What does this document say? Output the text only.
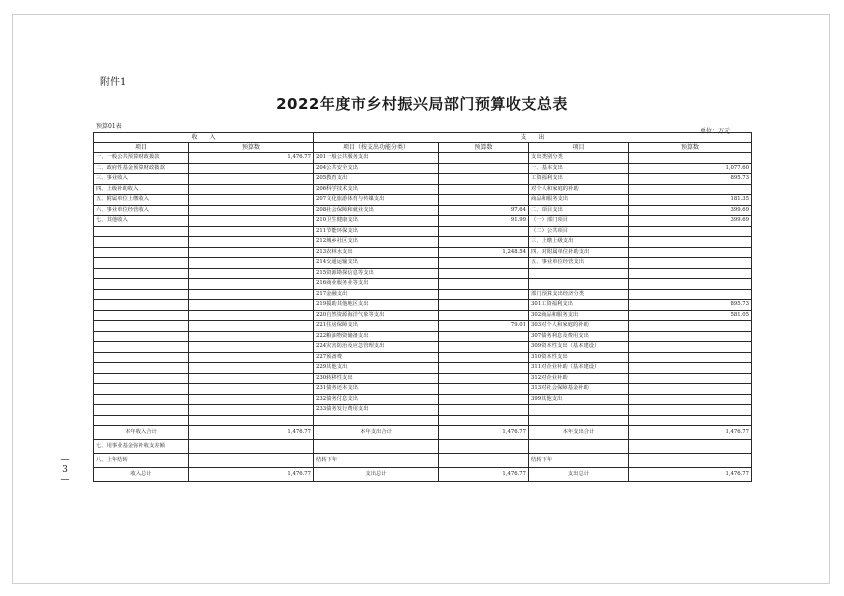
附件1
2022年度市乡村振兴局部门预算收支总表
预算01表
单位：万元
— 3 —
收　　入		支　　出			
项目	预算数	项目（按支出功能分类）	预算数	项目	预算数
一、一般公共预算财政拨款	1,476.77	201一般公共服务支出		支出类别分类	
二、政府性基金预算财政拨款		204公共安全支出		一、基本支出	1,077.60
三、事业收入		205教育支出		工资福利支出	895.73
四、上级补助收入		206科学技术支出		对个人和家庭的补助	
五、附属单位上缴收入		207文化旅游体育与传媒支出		商品和服务支出	181.35
六、事业单位经营收入		208社会保障和就业支出	97.64	二、项目支出	399.69
七、其他收入		210卫生健康支出	91.99	（一）部门项目	399.69
		211节能环保支出		（二）公共项目	
		212城乡社区支出		三、上缴上级支出	
		213农林水支出	1,248.54	四、对附属单位补助支出	
		214交通运输支出		五、事业单位经营支出	
		215资源勘探信息等支出			
		216商业服务业等支出			
		217金融支出		部门预算支出经济分类	
		219援助其他地区支出		301工资福利支出	895.73
		220自然资源海洋气象等支出		302商品和服务支出	581.05
		221住房保障支出	79.01	303对个人和家庭的补助	
		222粮油物资储备支出		307债务利息及费用支出	
		224灾害防治及应急管理支出		309资本性支出（基本建设）	
		227预备费		310资本性支出	
		229其他支出		311对企业补助（基本建设）	
		230转移性支出		312对企业补助	
		231债务还本支出		313对社会保障基金补助	
		232债务付息支出		399其他支出	
		233债务发行费用支出			

本年收入合计	1,476.77	本年支出合计	1,476.77	本年支出合计	1,476.77
七、用事业基金弥补收支差额					
八、上年结转		结转下年		结转下年	
收入总计	1,476.77	支出总计	1,476.77	支出总计	1,476.77
